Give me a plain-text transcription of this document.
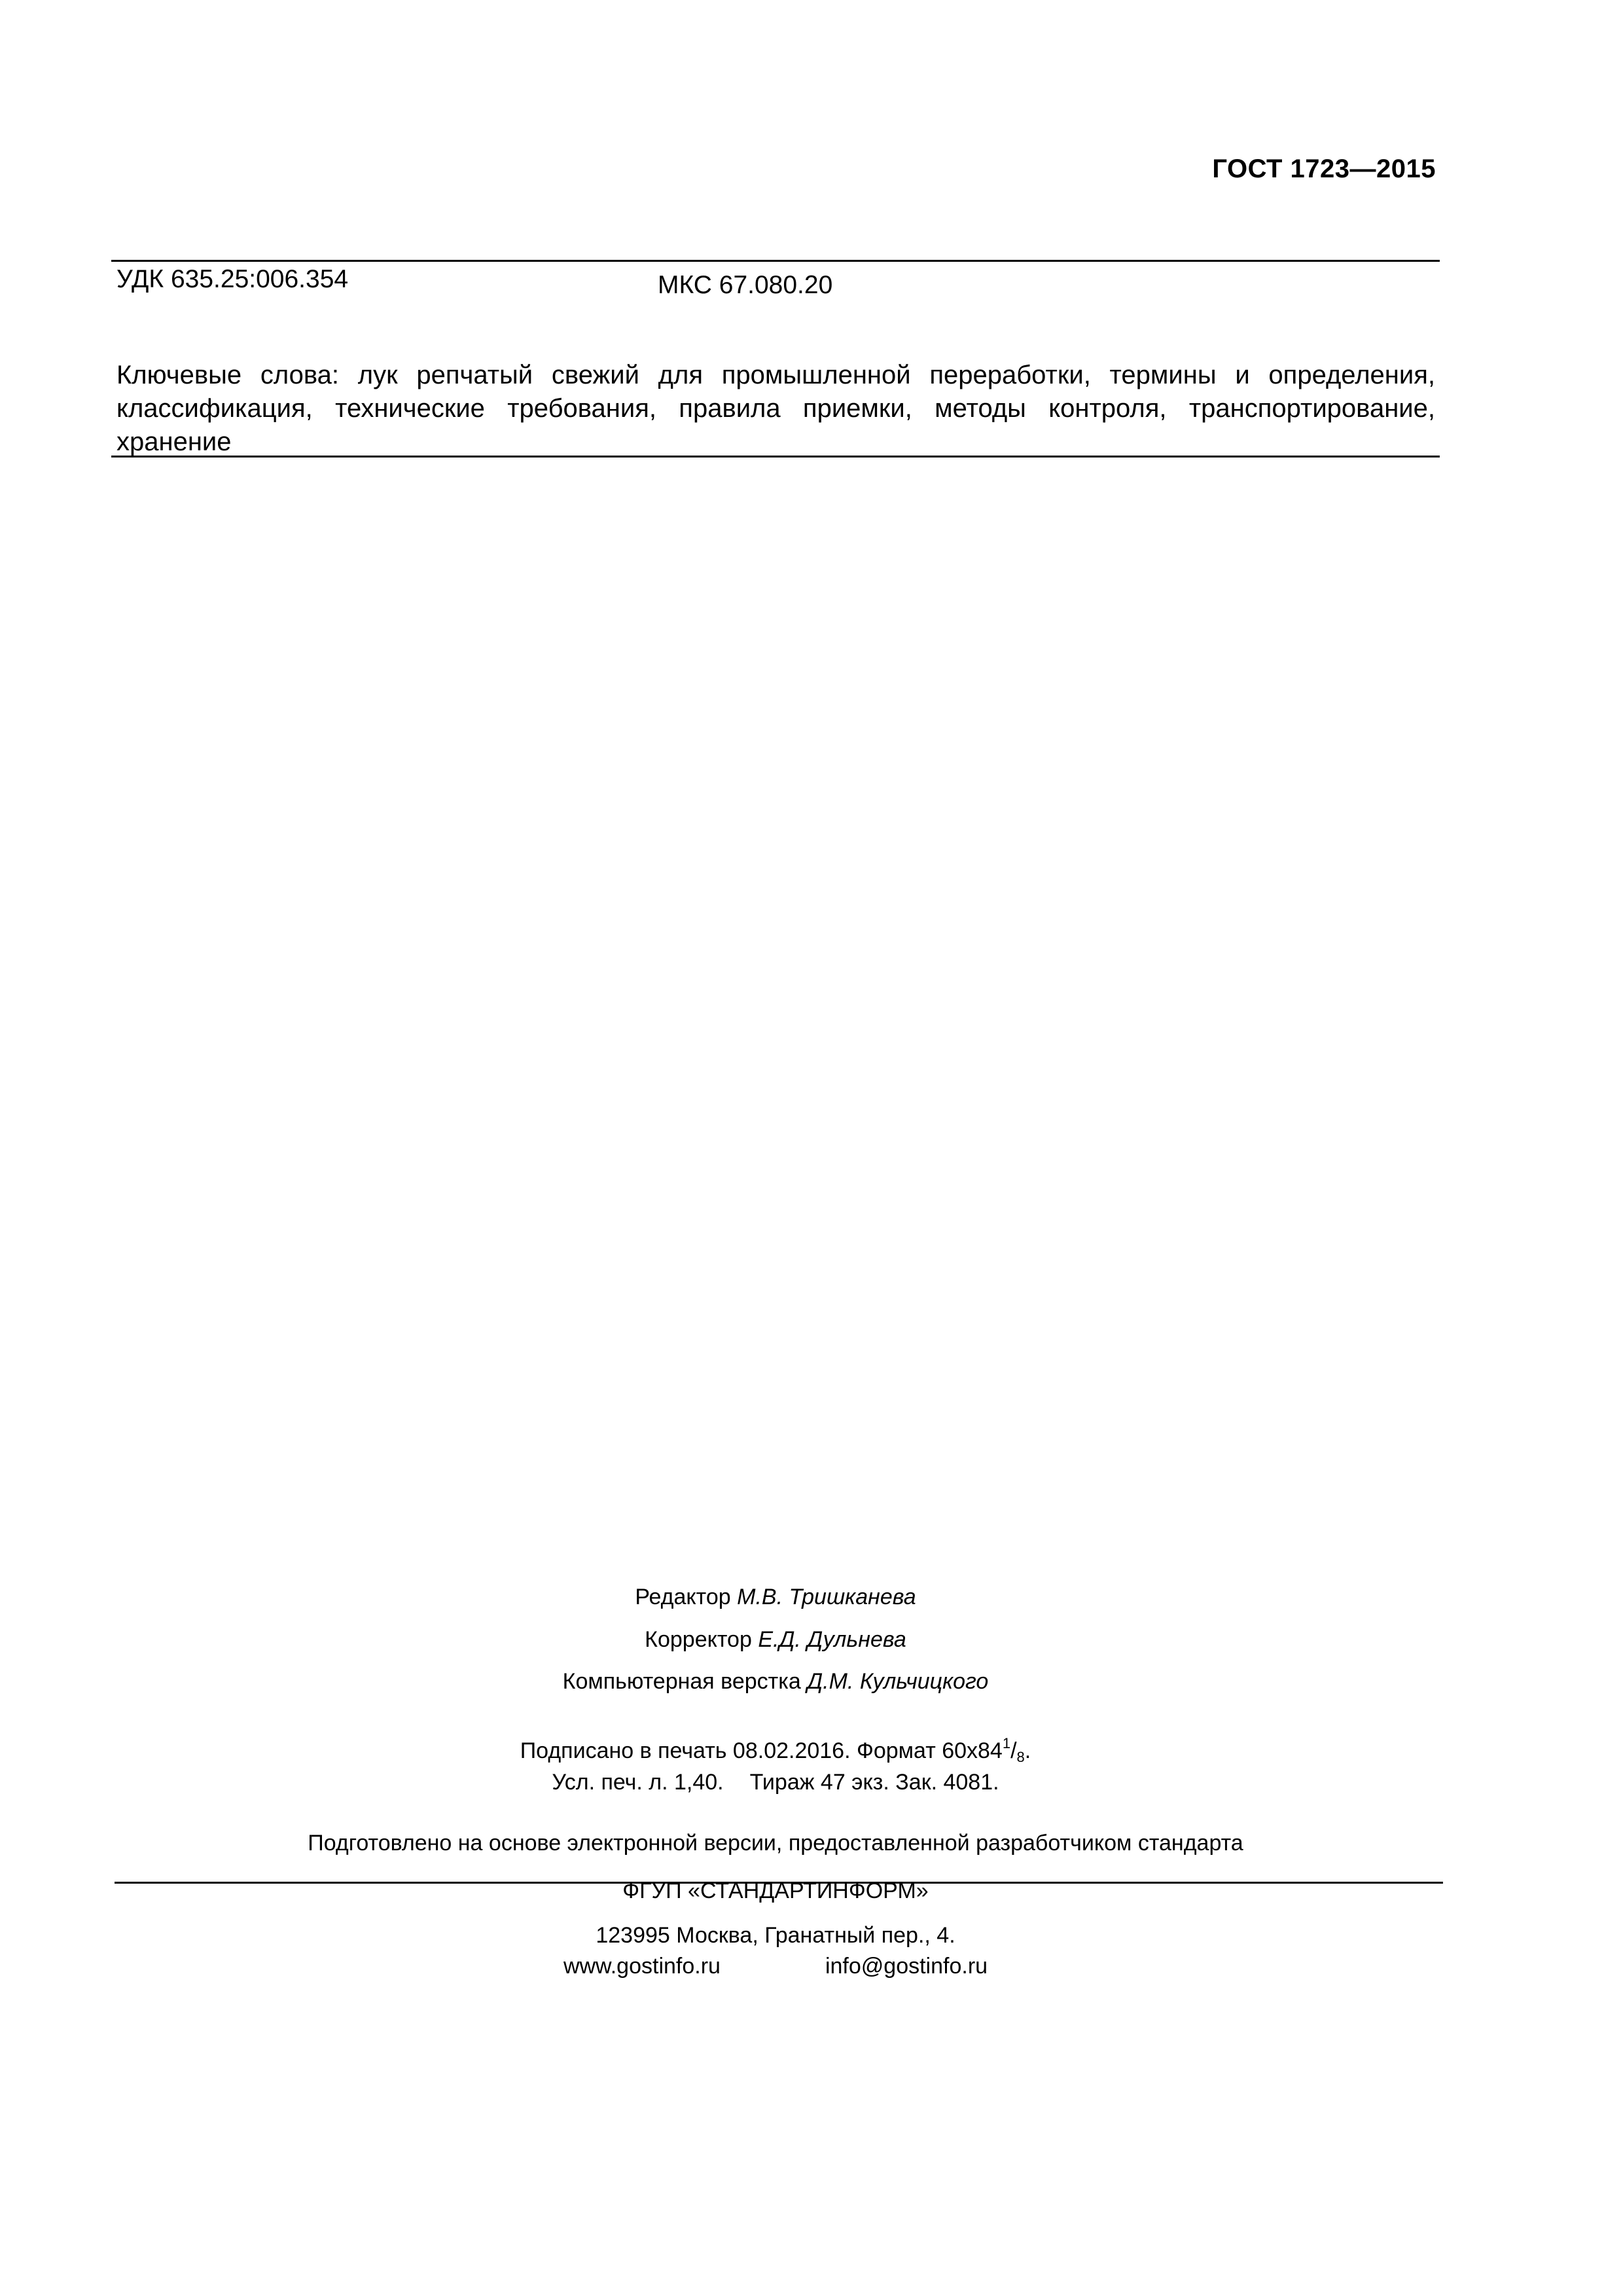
ГОСТ 1723—2015
УДК 635.25:006.354	МКС 67.080.20
Ключевые слова: лук репчатый свежий для промышленной переработки, термины и определения, классификация, технические требования, правила приемки, методы контроля, транспортирование, хранение
Редактор М.В. Тришканева
Корректор Е.Д. Дульнева
Компьютерная верстка Д.М. Кульчицкого
Подписано в печать 08.02.2016. Формат $60x84^1/8$.
Усл. печ. л. 1,40. Тираж 47 экз. Зак. 4081.
Подготовлено на основе электронной версии, предоставленной разработчиком стандарта
ФГУП «СТАНДАРТИНФОРМ»
123995 Москва, Гранатный пер., 4.
www.gostinfo.ru	info@gostinfo.ru
